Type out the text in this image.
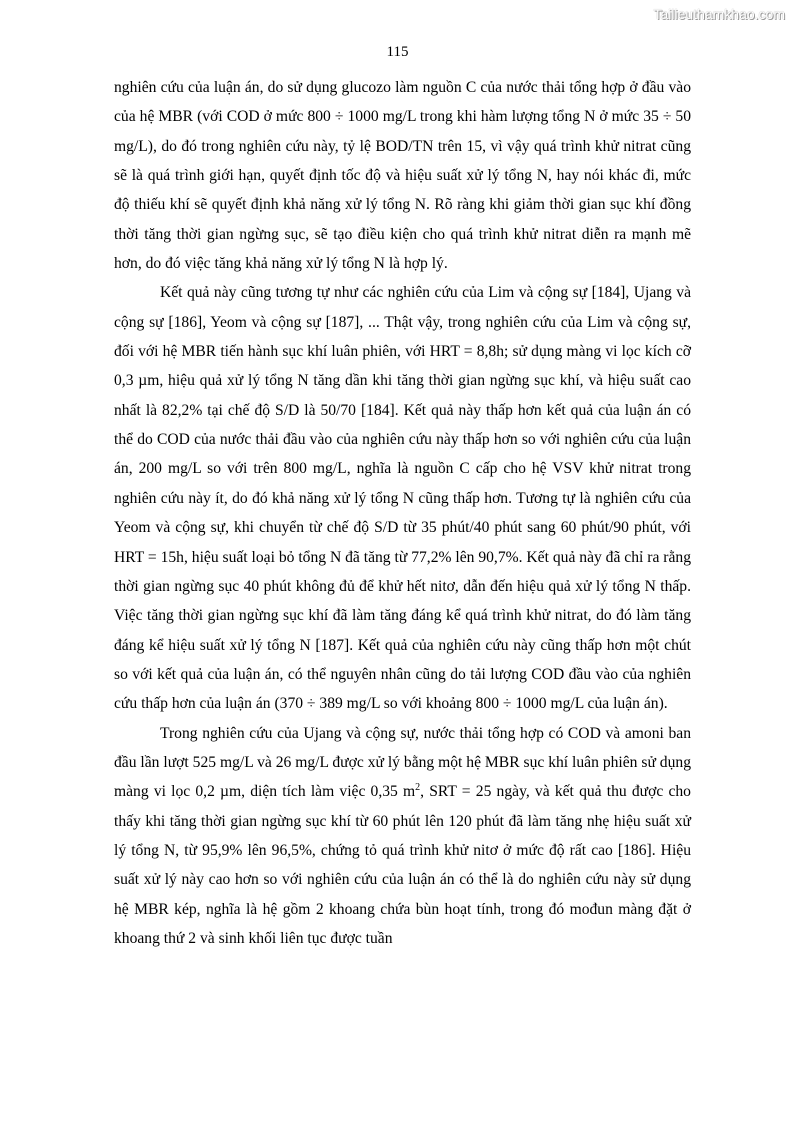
Tailieuthamkhao.com
115

nghiên cứu của luận án, do sử dụng glucozo làm nguồn C của nước thải tổng hợp ở đầu vào của hệ MBR (với COD ở mức 800 ÷ 1000 mg/L trong khi hàm lượng tổng N ở mức 35 ÷ 50 mg/L), do đó trong nghiên cứu này, tỷ lệ BOD/TN trên 15, vì vậy quá trình khử nitrat cũng sẽ là quá trình giới hạn, quyết định tốc độ và hiệu suất xử lý tổng N, hay nói khác đi, mức độ thiếu khí sẽ quyết định khả năng xử lý tổng N. Rõ ràng khi giảm thời gian sục khí đồng thời tăng thời gian ngừng sục, sẽ tạo điều kiện cho quá trình khử nitrat diễn ra mạnh mẽ hơn, do đó việc tăng khả năng xử lý tổng N là hợp lý.

Kết quả này cũng tương tự như các nghiên cứu của Lim và cộng sự [184], Ujang và cộng sự [186], Yeom và cộng sự [187], ... Thật vậy, trong nghiên cứu của Lim và cộng sự, đối với hệ MBR tiến hành sục khí luân phiên, với HRT = 8,8h; sử dụng màng vi lọc kích cỡ 0,3 µm, hiệu quả xử lý tổng N tăng dần khi tăng thời gian ngừng sục khí, và hiệu suất cao nhất là 82,2% tại chế độ S/D là 50/70 [184]. Kết quả này thấp hơn kết quả của luận án có thể do COD của nước thải đầu vào của nghiên cứu này thấp hơn so với nghiên cứu của luận án, 200 mg/L so với trên 800 mg/L, nghĩa là nguồn C cấp cho hệ VSV khử nitrat trong nghiên cứu này ít, do đó khả năng xử lý tổng N cũng thấp hơn. Tương tự là nghiên cứu của Yeom và cộng sự, khi chuyển từ chế độ S/D từ 35 phút/40 phút sang 60 phút/90 phút, với HRT = 15h, hiệu suất loại bỏ tổng N đã tăng từ 77,2% lên 90,7%. Kết quả này đã chỉ ra rằng thời gian ngừng sục 40 phút không đủ để khử hết nitơ, dẫn đến hiệu quả xử lý tổng N thấp. Việc tăng thời gian ngừng sục khí đã làm tăng đáng kể quá trình khử nitrat, do đó làm tăng đáng kể hiệu suất xử lý tổng N [187]. Kết quả của nghiên cứu này cũng thấp hơn một chút so với kết quả của luận án, có thể nguyên nhân cũng do tải lượng COD đầu vào của nghiên cứu thấp hơn của luận án (370 ÷ 389 mg/L so với khoảng 800 ÷ 1000 mg/L của luận án).

Trong nghiên cứu của Ujang và cộng sự, nước thải tổng hợp có COD và amoni ban đầu lần lượt 525 mg/L và 26 mg/L được xử lý bằng một hệ MBR sục khí luân phiên sử dụng màng vi lọc 0,2 µm, diện tích làm việc 0,35 $m^2$, SRT = 25 ngày, và kết quả thu được cho thấy khi tăng thời gian ngừng sục khí từ 60 phút lên 120 phút đã làm tăng nhẹ hiệu suất xử lý tổng N, từ 95,9% lên 96,5%, chứng tỏ quá trình khử nitơ ở mức độ rất cao [186]. Hiệu suất xử lý này cao hơn so với nghiên cứu của luận án có thể là do nghiên cứu này sử dụng hệ MBR kép, nghĩa là hệ gồm 2 khoang chứa bùn hoạt tính, trong đó mođun màng đặt ở khoang thứ 2 và sinh khối liên tục được tuần
